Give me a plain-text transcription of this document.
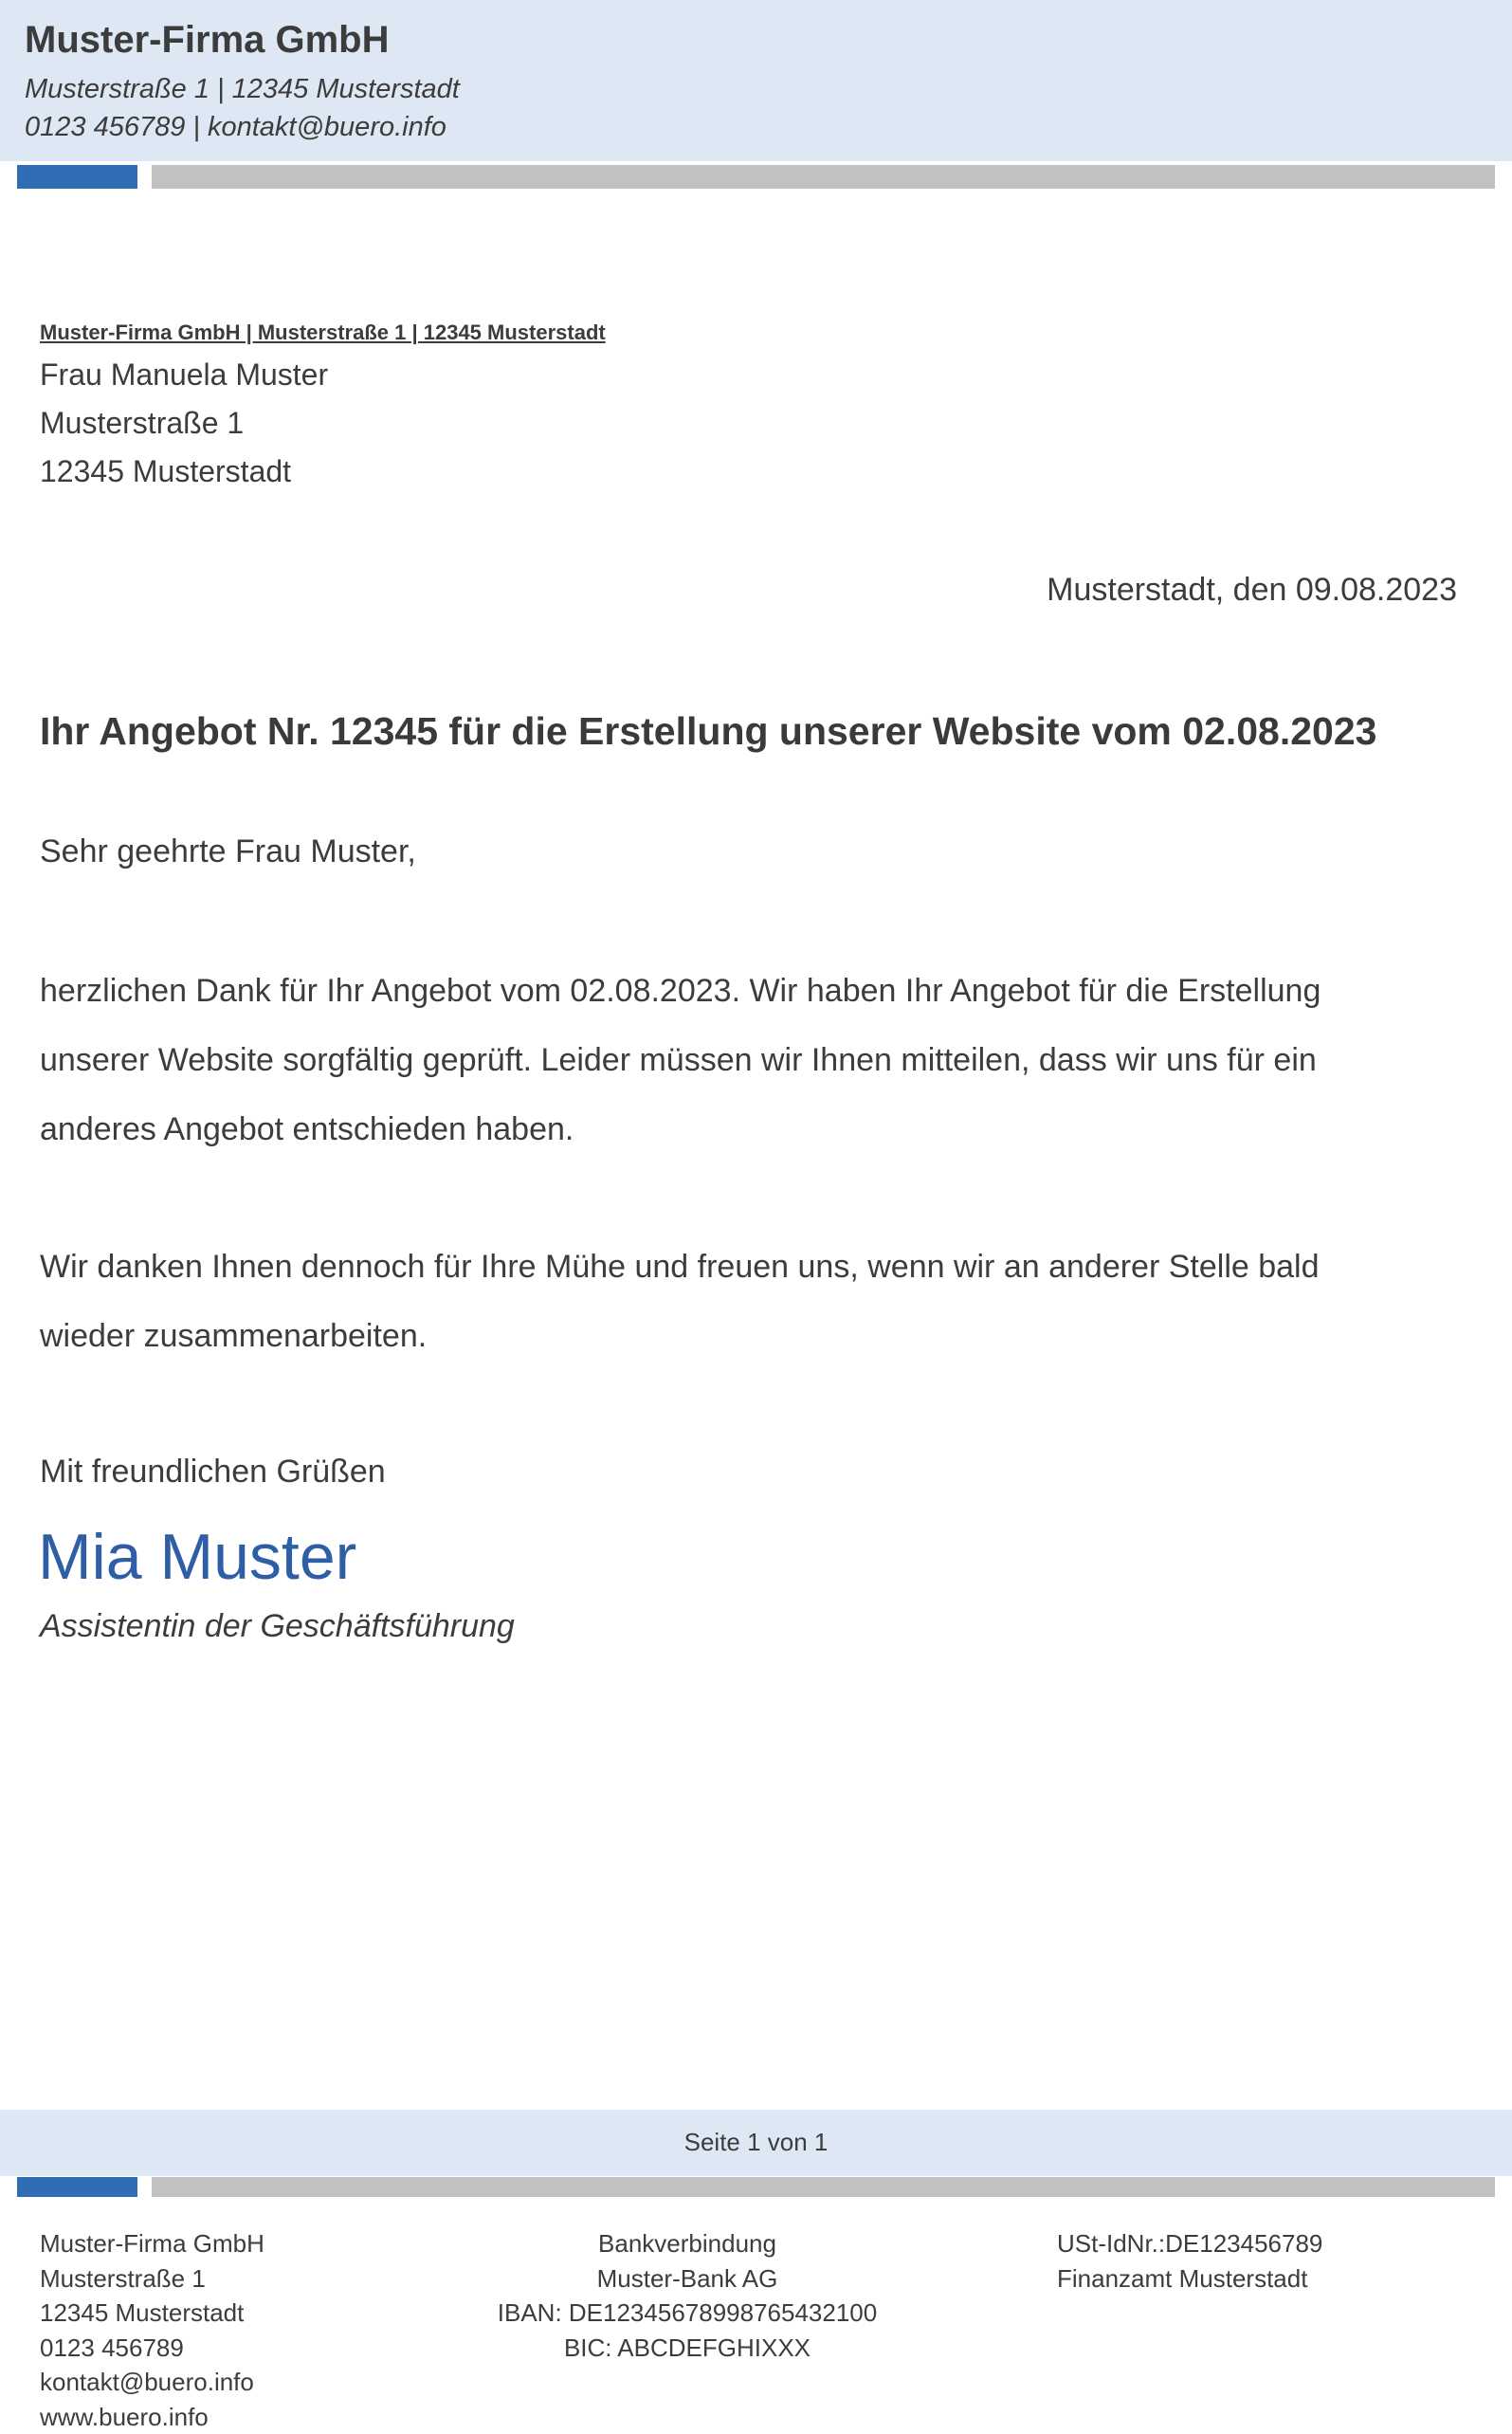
Muster-Firma GmbH
Musterstraße 1 | 12345 Musterstadt
0123 456789 | kontakt@buero.info
Muster-Firma GmbH | Musterstraße 1 | 12345 Musterstadt
Frau Manuela Muster
Musterstraße 1
12345 Musterstadt
Musterstadt, den 09.08.2023
Ihr Angebot Nr. 12345 für die Erstellung unserer Website vom 02.08.2023
Sehr geehrte Frau Muster,

herzlichen Dank für Ihr Angebot vom 02.08.2023. Wir haben Ihr Angebot für die Erstellung

unserer Website sorgfältig geprüft. Leider müssen wir Ihnen mitteilen, dass wir uns für ein

anderes Angebot entschieden haben.

Wir danken Ihnen dennoch für Ihre Mühe und freuen uns, wenn wir an anderer Stelle bald

wieder zusammenarbeiten.

Mit freundlichen Grüßen
Mia Muster
Assistentin der Geschäftsführung
Seite 1 von 1
Muster-Firma GmbH
Musterstraße 1
12345 Musterstadt
0123 456789
kontakt@buero.info
www.buero.info
Bankverbindung
Muster-Bank AG
IBAN: DE12345678998765432100
BIC: ABCDEFGHIXXX
USt-IdNr.:DE123456789
Finanzamt Musterstadt
